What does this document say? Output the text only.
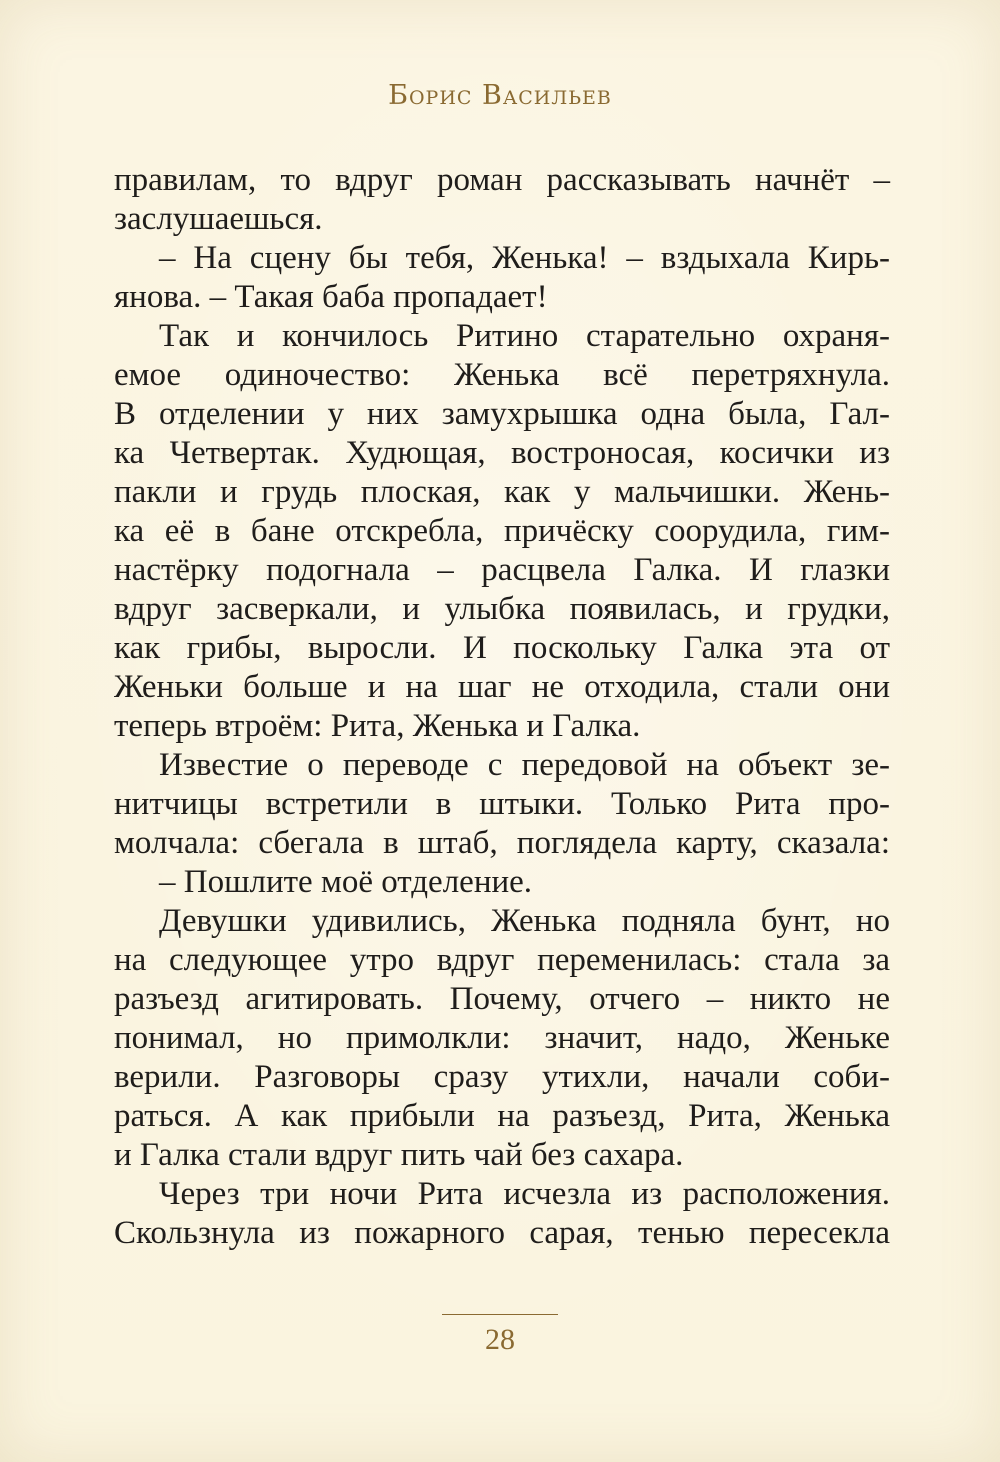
Борис Васильев
правилам, то вдруг роман рассказывать начнёт –
заслушаешься.
– На сцену бы тебя, Женька! – вздыхала Кирь-
янова. – Такая баба пропадает!
Так и кончилось Ритино старательно охраня-
емое одиночество: Женька всё перетряхнула.
В отделении у них замухрышка одна была, Гал-
ка Четвертак. Худющая, востроносая, косички из
пакли и грудь плоская, как у мальчишки. Жень-
ка её в бане отскребла, причёску соорудила, гим-
настёрку подогнала – расцвела Галка. И глазки
вдруг засверкали, и улыбка появилась, и грудки,
как грибы, выросли. И поскольку Галка эта от
Женьки больше и на шаг не отходила, стали они
теперь втроём: Рита, Женька и Галка.
Известие о переводе с передовой на объект зе-
нитчицы встретили в штыки. Только Рита про-
молчала: сбегала в штаб, поглядела карту, сказала:
– Пошлите моё отделение.
Девушки удивились, Женька подняла бунт, но
на следующее утро вдруг переменилась: стала за
разъезд агитировать. Почему, отчего – никто не
понимал, но примолкли: значит, надо, Женьке
верили. Разговоры сразу утихли, начали соби-
раться. А как прибыли на разъезд, Рита, Женька
и Галка стали вдруг пить чай без сахара.
Через три ночи Рита исчезла из расположения.
Скользнула из пожарного сарая, тенью пересекла
28
